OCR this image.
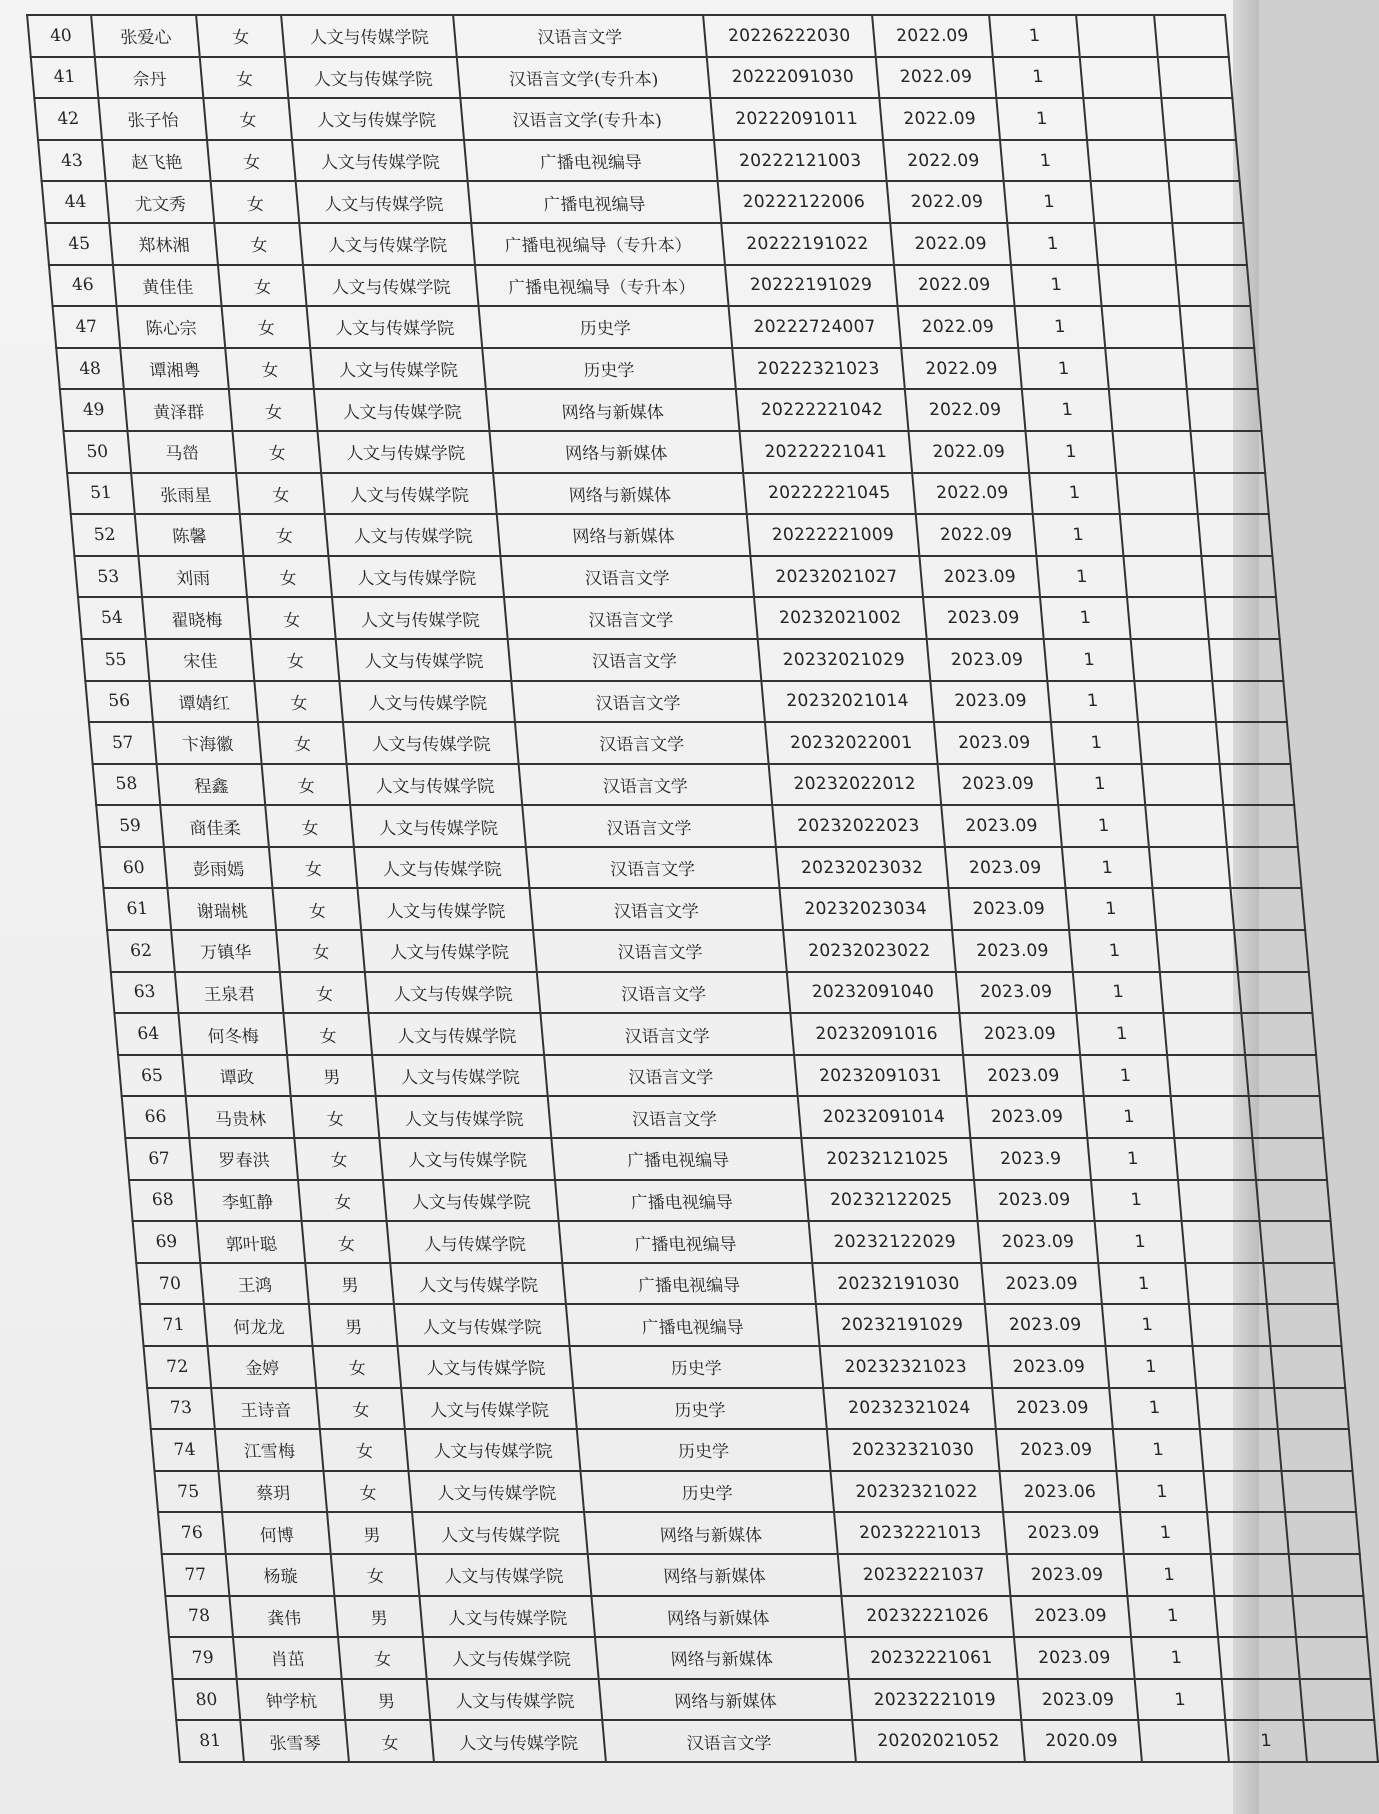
40	张爱心	女	人文与传媒学院	汉语言文学	20226222030	2022.09	1		
41	佘丹	女	人文与传媒学院	汉语言文学(专升本)	20222091030	2022.09	1		
42	张子怡	女	人文与传媒学院	汉语言文学(专升本)	20222091011	2022.09	1		
43	赵飞艳	女	人文与传媒学院	广播电视编导	20222121003	2022.09	1		
44	尤文秀	女	人文与传媒学院	广播电视编导	20222122006	2022.09	1		
45	郑林湘	女	人文与传媒学院	广播电视编导（专升本）	20222191022	2022.09	1		
46	黄佳佳	女	人文与传媒学院	广播电视编导（专升本）	20222191029	2022.09	1		
47	陈心宗	女	人文与传媒学院	历史学	20222724007	2022.09	1		
48	谭湘粤	女	人文与传媒学院	历史学	20222321023	2022.09	1		
49	黄泽群	女	人文与传媒学院	网络与新媒体	20222221042	2022.09	1		
50	马嵤	女	人文与传媒学院	网络与新媒体	20222221041	2022.09	1		
51	张雨星	女	人文与传媒学院	网络与新媒体	20222221045	2022.09	1		
52	陈馨	女	人文与传媒学院	网络与新媒体	20222221009	2022.09	1		
53	刘雨	女	人文与传媒学院	汉语言文学	20232021027	2023.09	1		
54	翟晓梅	女	人文与传媒学院	汉语言文学	20232021002	2023.09	1		
55	宋佳	女	人文与传媒学院	汉语言文学	20232021029	2023.09	1		
56	谭婧红	女	人文与传媒学院	汉语言文学	20232021014	2023.09	1		
57	卞海徽	女	人文与传媒学院	汉语言文学	20232022001	2023.09	1		
58	程鑫	女	人文与传媒学院	汉语言文学	20232022012	2023.09	1		
59	商佳柔	女	人文与传媒学院	汉语言文学	20232022023	2023.09	1		
60	彭雨嫣	女	人文与传媒学院	汉语言文学	20232023032	2023.09	1		
61	谢瑞桃	女	人文与传媒学院	汉语言文学	20232023034	2023.09	1		
62	万镇华	女	人文与传媒学院	汉语言文学	20232023022	2023.09	1		
63	王泉君	女	人文与传媒学院	汉语言文学	20232091040	2023.09	1		
64	何冬梅	女	人文与传媒学院	汉语言文学	20232091016	2023.09	1		
65	谭政	男	人文与传媒学院	汉语言文学	20232091031	2023.09	1		
66	马贵林	女	人文与传媒学院	汉语言文学	20232091014	2023.09	1		
67	罗春洪	女	人文与传媒学院	广播电视编导	20232121025	2023.9	1		
68	李虹静	女	人文与传媒学院	广播电视编导	20232122025	2023.09	1		
69	郭叶聪	女	人与传媒学院	广播电视编导	20232122029	2023.09	1		
70	王鸿	男	人文与传媒学院	广播电视编导	20232191030	2023.09	1		
71	何龙龙	男	人文与传媒学院	广播电视编导	20232191029	2023.09	1		
72	金婷	女	人文与传媒学院	历史学	20232321023	2023.09	1		
73	王诗音	女	人文与传媒学院	历史学	20232321024	2023.09	1		
74	江雪梅	女	人文与传媒学院	历史学	20232321030	2023.09	1		
75	蔡玥	女	人文与传媒学院	历史学	20232321022	2023.06	1		
76	何博	男	人文与传媒学院	网络与新媒体	20232221013	2023.09	1		
77	杨璇	女	人文与传媒学院	网络与新媒体	20232221037	2023.09	1		
78	龚伟	男	人文与传媒学院	网络与新媒体	20232221026	2023.09	1		
79	肖茁	女	人文与传媒学院	网络与新媒体	20232221061	2023.09	1		
80	钟学杭	男	人文与传媒学院	网络与新媒体	20232221019	2023.09	1		
81	张雪琴	女	人文与传媒学院	汉语言文学	20202021052	2020.09		1	
